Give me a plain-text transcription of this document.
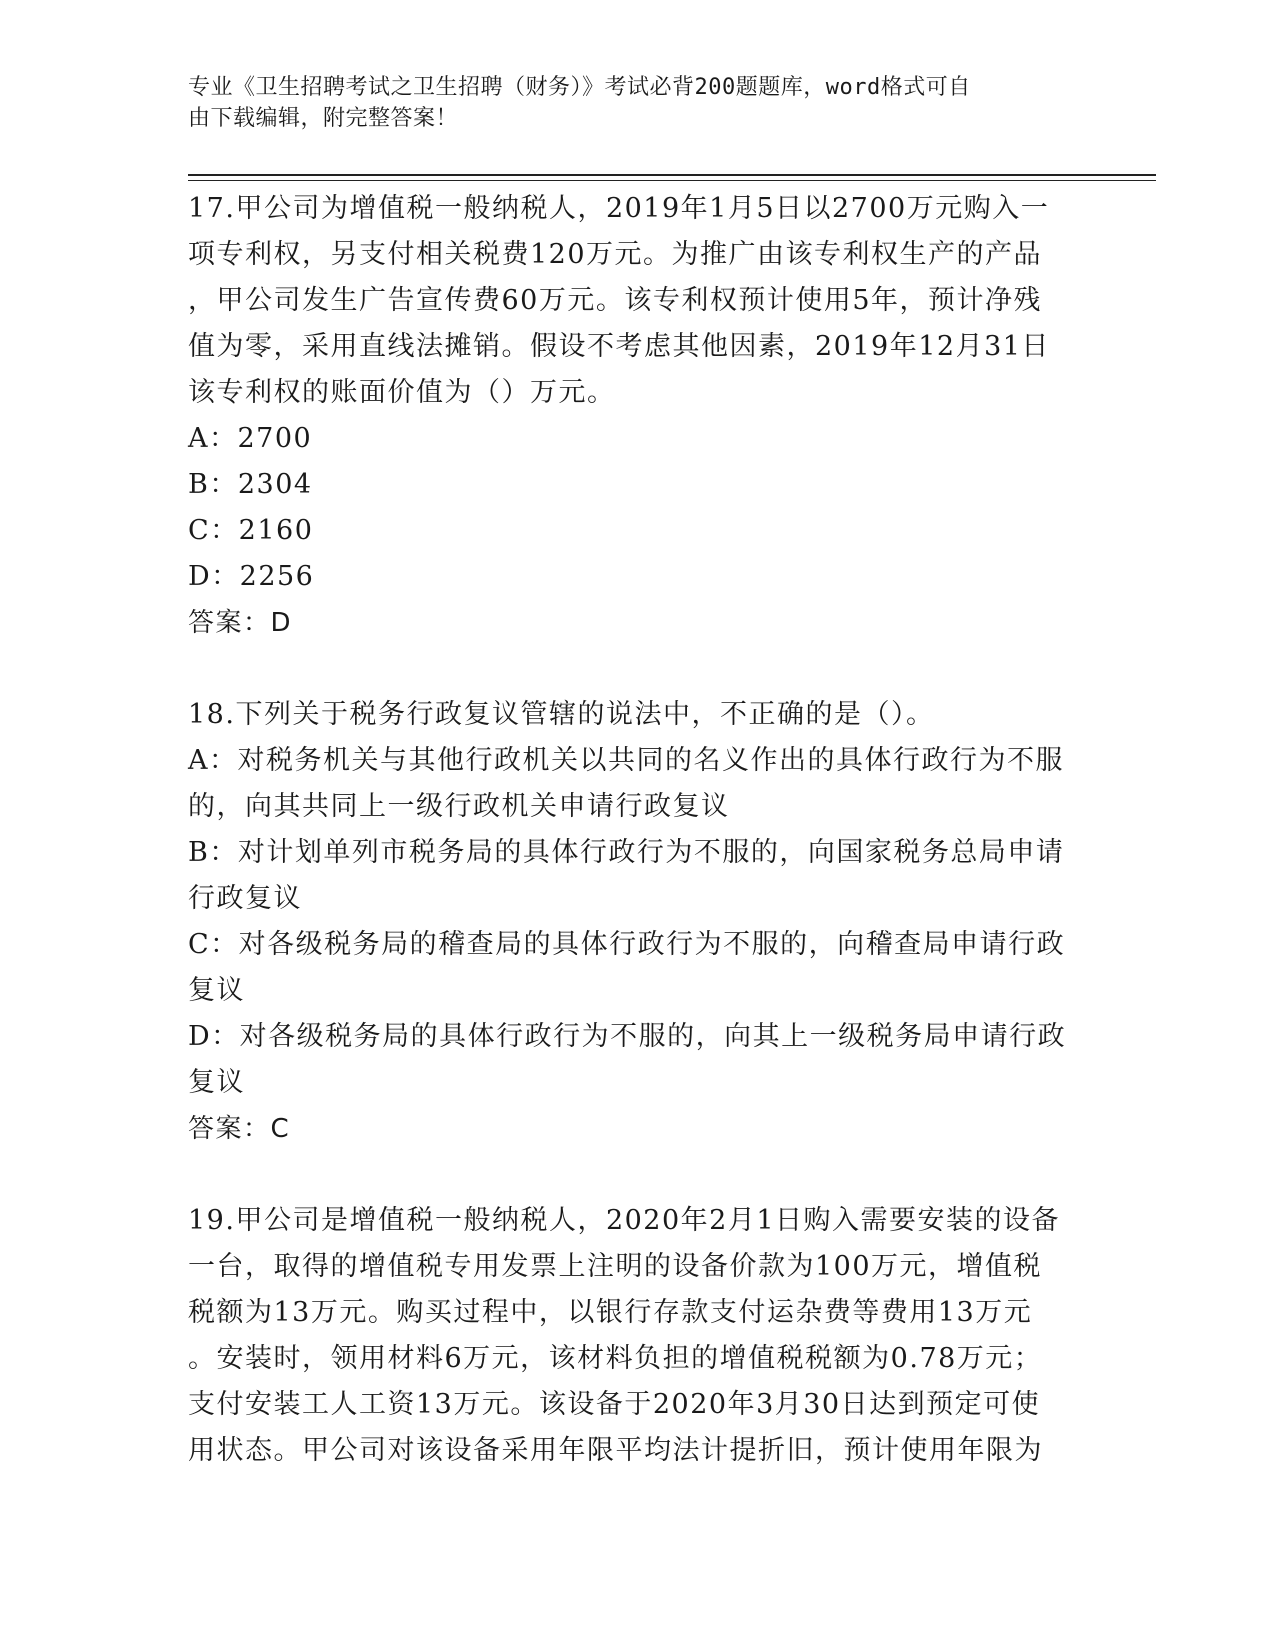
专业《卫生招聘考试之卫生招聘（财务）》考试必背200题题库，word格式可自
由下载编辑，附完整答案！
17.甲公司为增值税一般纳税人，2019年1月5日以2700万元购入一
项专利权，另支付相关税费120万元。为推广由该专利权生产的产品
，甲公司发生广告宣传费60万元。该专利权预计使用5年，预计净残
值为零，采用直线法摊销。假设不考虑其他因素，2019年12月31日
该专利权的账面价值为（）万元。
A：2700
B：2304
C：2160
D：2256
答案：D
18.下列关于税务行政复议管辖的说法中，不正确的是（）。
A：对税务机关与其他行政机关以共同的名义作出的具体行政行为不服
的，向其共同上一级行政机关申请行政复议
B：对计划单列市税务局的具体行政行为不服的，向国家税务总局申请
行政复议
C：对各级税务局的稽查局的具体行政行为不服的，向稽查局申请行政
复议
D：对各级税务局的具体行政行为不服的，向其上一级税务局申请行政
复议
答案：C
19.甲公司是增值税一般纳税人，2020年2月1日购入需要安装的设备
一台，取得的增值税专用发票上注明的设备价款为100万元，增值税
税额为13万元。购买过程中，以银行存款支付运杂费等费用13万元
。安装时，领用材料6万元，该材料负担的增值税税额为0.78万元；
支付安装工人工资13万元。该设备于2020年3月30日达到预定可使
用状态。甲公司对该设备采用年限平均法计提折旧，预计使用年限为
